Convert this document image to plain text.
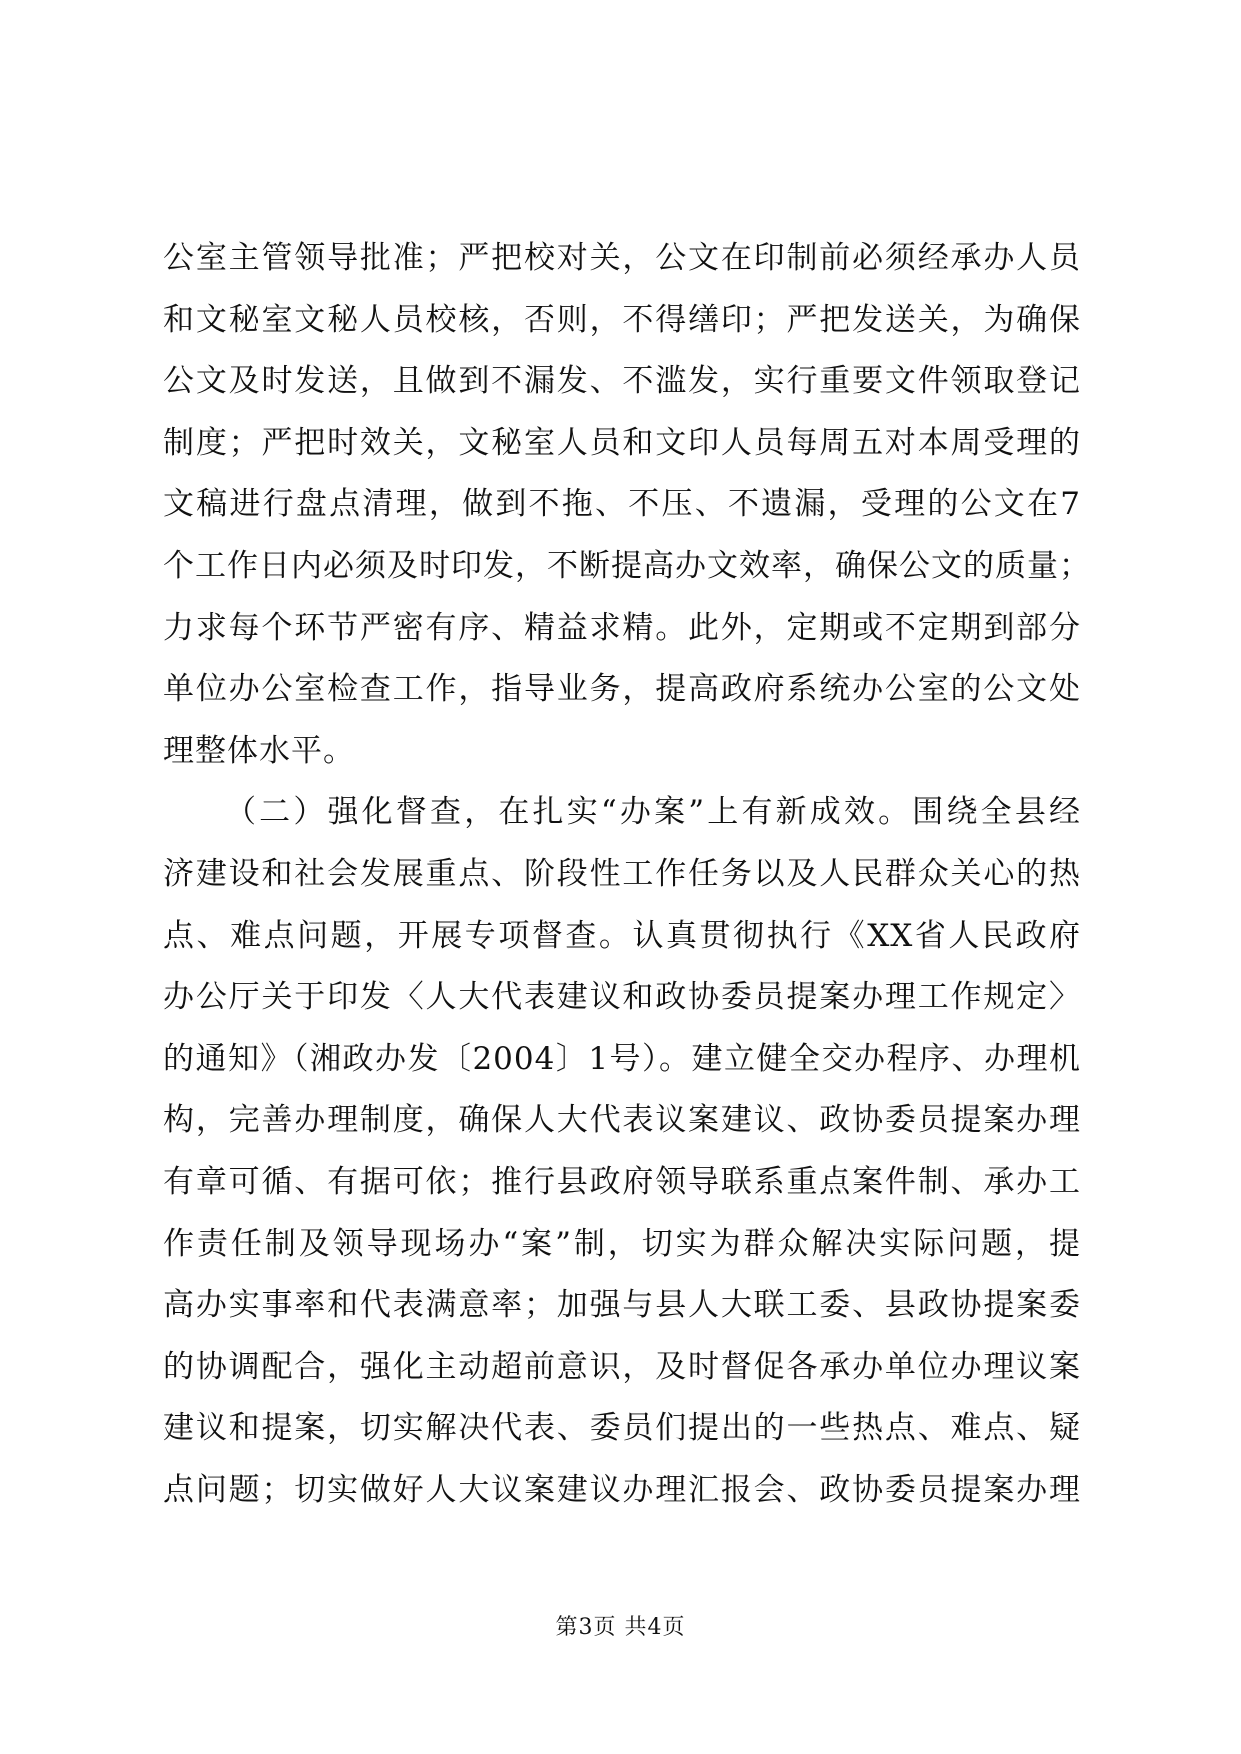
公室主管领导批准；严把校对关，公文在印制前必须经承办人员
和文秘室文秘人员校核，否则，不得缮印；严把发送关，为确保
公文及时发送，且做到不漏发、不滥发，实行重要文件领取登记
制度；严把时效关，文秘室人员和文印人员每周五对本周受理的
文稿进行盘点清理，做到不拖、不压、不遗漏，受理的公文在7
个工作日内必须及时印发，不断提高办文效率，确保公文的质量；
力求每个环节严密有序、精益求精。此外，定期或不定期到部分
单位办公室检查工作，指导业务，提高政府系统办公室的公文处
理整体水平。
（二）强化督查，在扎实“办案”上有新成效。围绕全县经
济建设和社会发展重点、阶段性工作任务以及人民群众关心的热
点、难点问题，开展专项督查。认真贯彻执行《XX省人民政府
办公厅关于印发〈人大代表建议和政协委员提案办理工作规定〉
的通知》（湘政办发〔2004〕1号）。建立健全交办程序、办理机
构，完善办理制度，确保人大代表议案建议、政协委员提案办理
有章可循、有据可依；推行县政府领导联系重点案件制、承办工
作责任制及领导现场办“案”制，切实为群众解决实际问题，提
高办实事率和代表满意率；加强与县人大联工委、县政协提案委
的协调配合，强化主动超前意识，及时督促各承办单位办理议案
建议和提案，切实解决代表、委员们提出的一些热点、难点、疑
点问题；切实做好人大议案建议办理汇报会、政协委员提案办理
第3页 共4页
